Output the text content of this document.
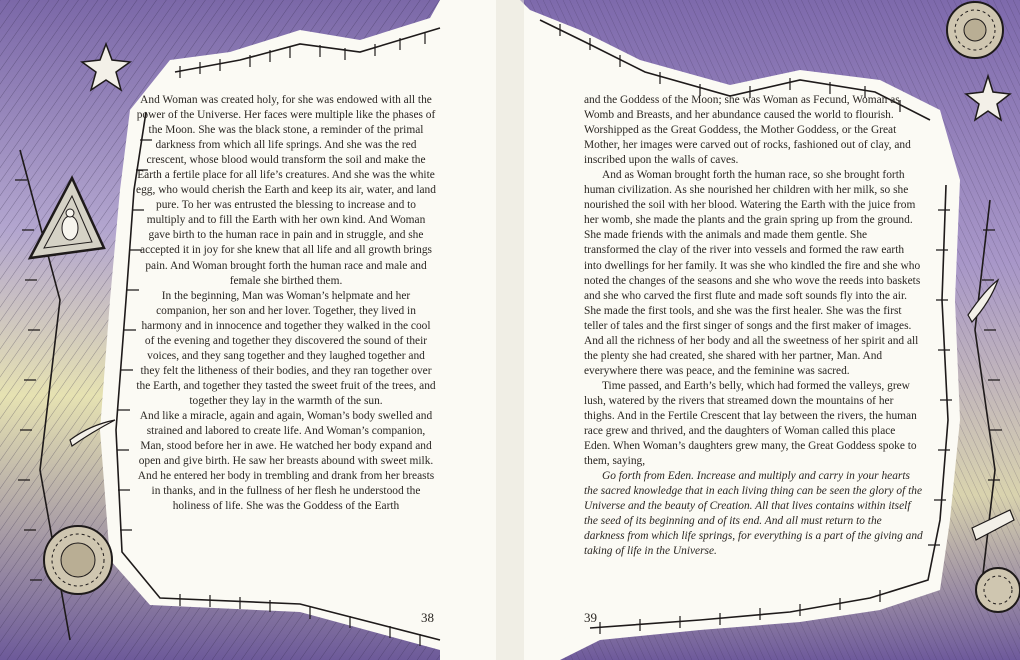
And Woman was created holy, for she was endowed with all the power of the Universe. Her faces were multiple like the phases of the Moon. She was the black stone, a reminder of the primal darkness from which all life springs. And she was the red crescent, whose blood would transform the soil and make the Earth a fertile place for all life’s creatures. And she was the white egg, who would cherish the Earth and keep its air, water, and land pure. To her was entrusted the blessing to increase and to multiply and to fill the Earth with her own kind. And Woman gave birth to the human race in pain and in struggle, and she accepted it in joy for she knew that all life and all growth brings pain. And Woman brought forth the human race and male and female she birthed them.

In the beginning, Man was Woman’s helpmate and her companion, her son and her lover. Together, they lived in harmony and in innocence and together they walked in the cool of the evening and together they discovered the sound of their voices, and they sang together and they laughed together and they felt the litheness of their bodies, and they ran together over the Earth, and together they tasted the sweet fruit of the trees, and together they lay in the warmth of the sun.

And like a miracle, again and again, Woman’s body swelled and strained and labored to create life. And Woman’s companion, Man, stood before her in awe. He watched her body expand and open and give birth. He saw her breasts abound with sweet milk. And he entered her body in trembling and drank from her breasts in thanks, and in the fullness of her flesh he understood the holiness of life. She was the Goddess of the Earth

and the Goddess of the Moon; she was Woman as Fecund, Woman as Womb and Breasts, and her abundance caused the world to flourish. Worshipped as the Great Goddess, the Mother Goddess, or the Great Mother, her images were carved out of rocks, fashioned out of clay, and inscribed upon the walls of caves.

And as Woman brought forth the human race, so she brought forth human civilization. As she nourished her children with her milk, so she nourished the soil with her blood. Watering the Earth with the juice from her womb, she made the plants and the grain spring up from the ground. She made friends with the animals and made them gentle. She transformed the clay of the river into vessels and formed the raw earth into dwellings for her family. It was she who kindled the fire and she who noted the changes of the seasons and she who wove the reeds into baskets and she who carved the first flute and made soft sounds fly into the air. She made the first tools, and she was the first healer. She was the first teller of tales and the first singer of songs and the first maker of images. And all the richness of her body and all the sweetness of her spirit and all the plenty she had created, she shared with her partner, Man. And everywhere there was peace, and the feminine was sacred.

Time passed, and Earth’s belly, which had formed the valleys, grew lush, watered by the rivers that streamed down the mountains of her thighs. And in the Fertile Crescent that lay between the rivers, the human race grew and thrived, and the daughters of Woman called this place Eden. When Woman’s daughters grew many, the Great Goddess spoke to them, saying,

Go forth from Eden. Increase and multiply and carry in your hearts the sacred knowledge that in each living thing can be seen the glory of the Universe and the beauty of Creation. All that lives contains within itself the seed of its beginning and of its end. And all must return to the darkness from which life springs, for everything is a part of the giving and taking of life in the Universe.

38	39
